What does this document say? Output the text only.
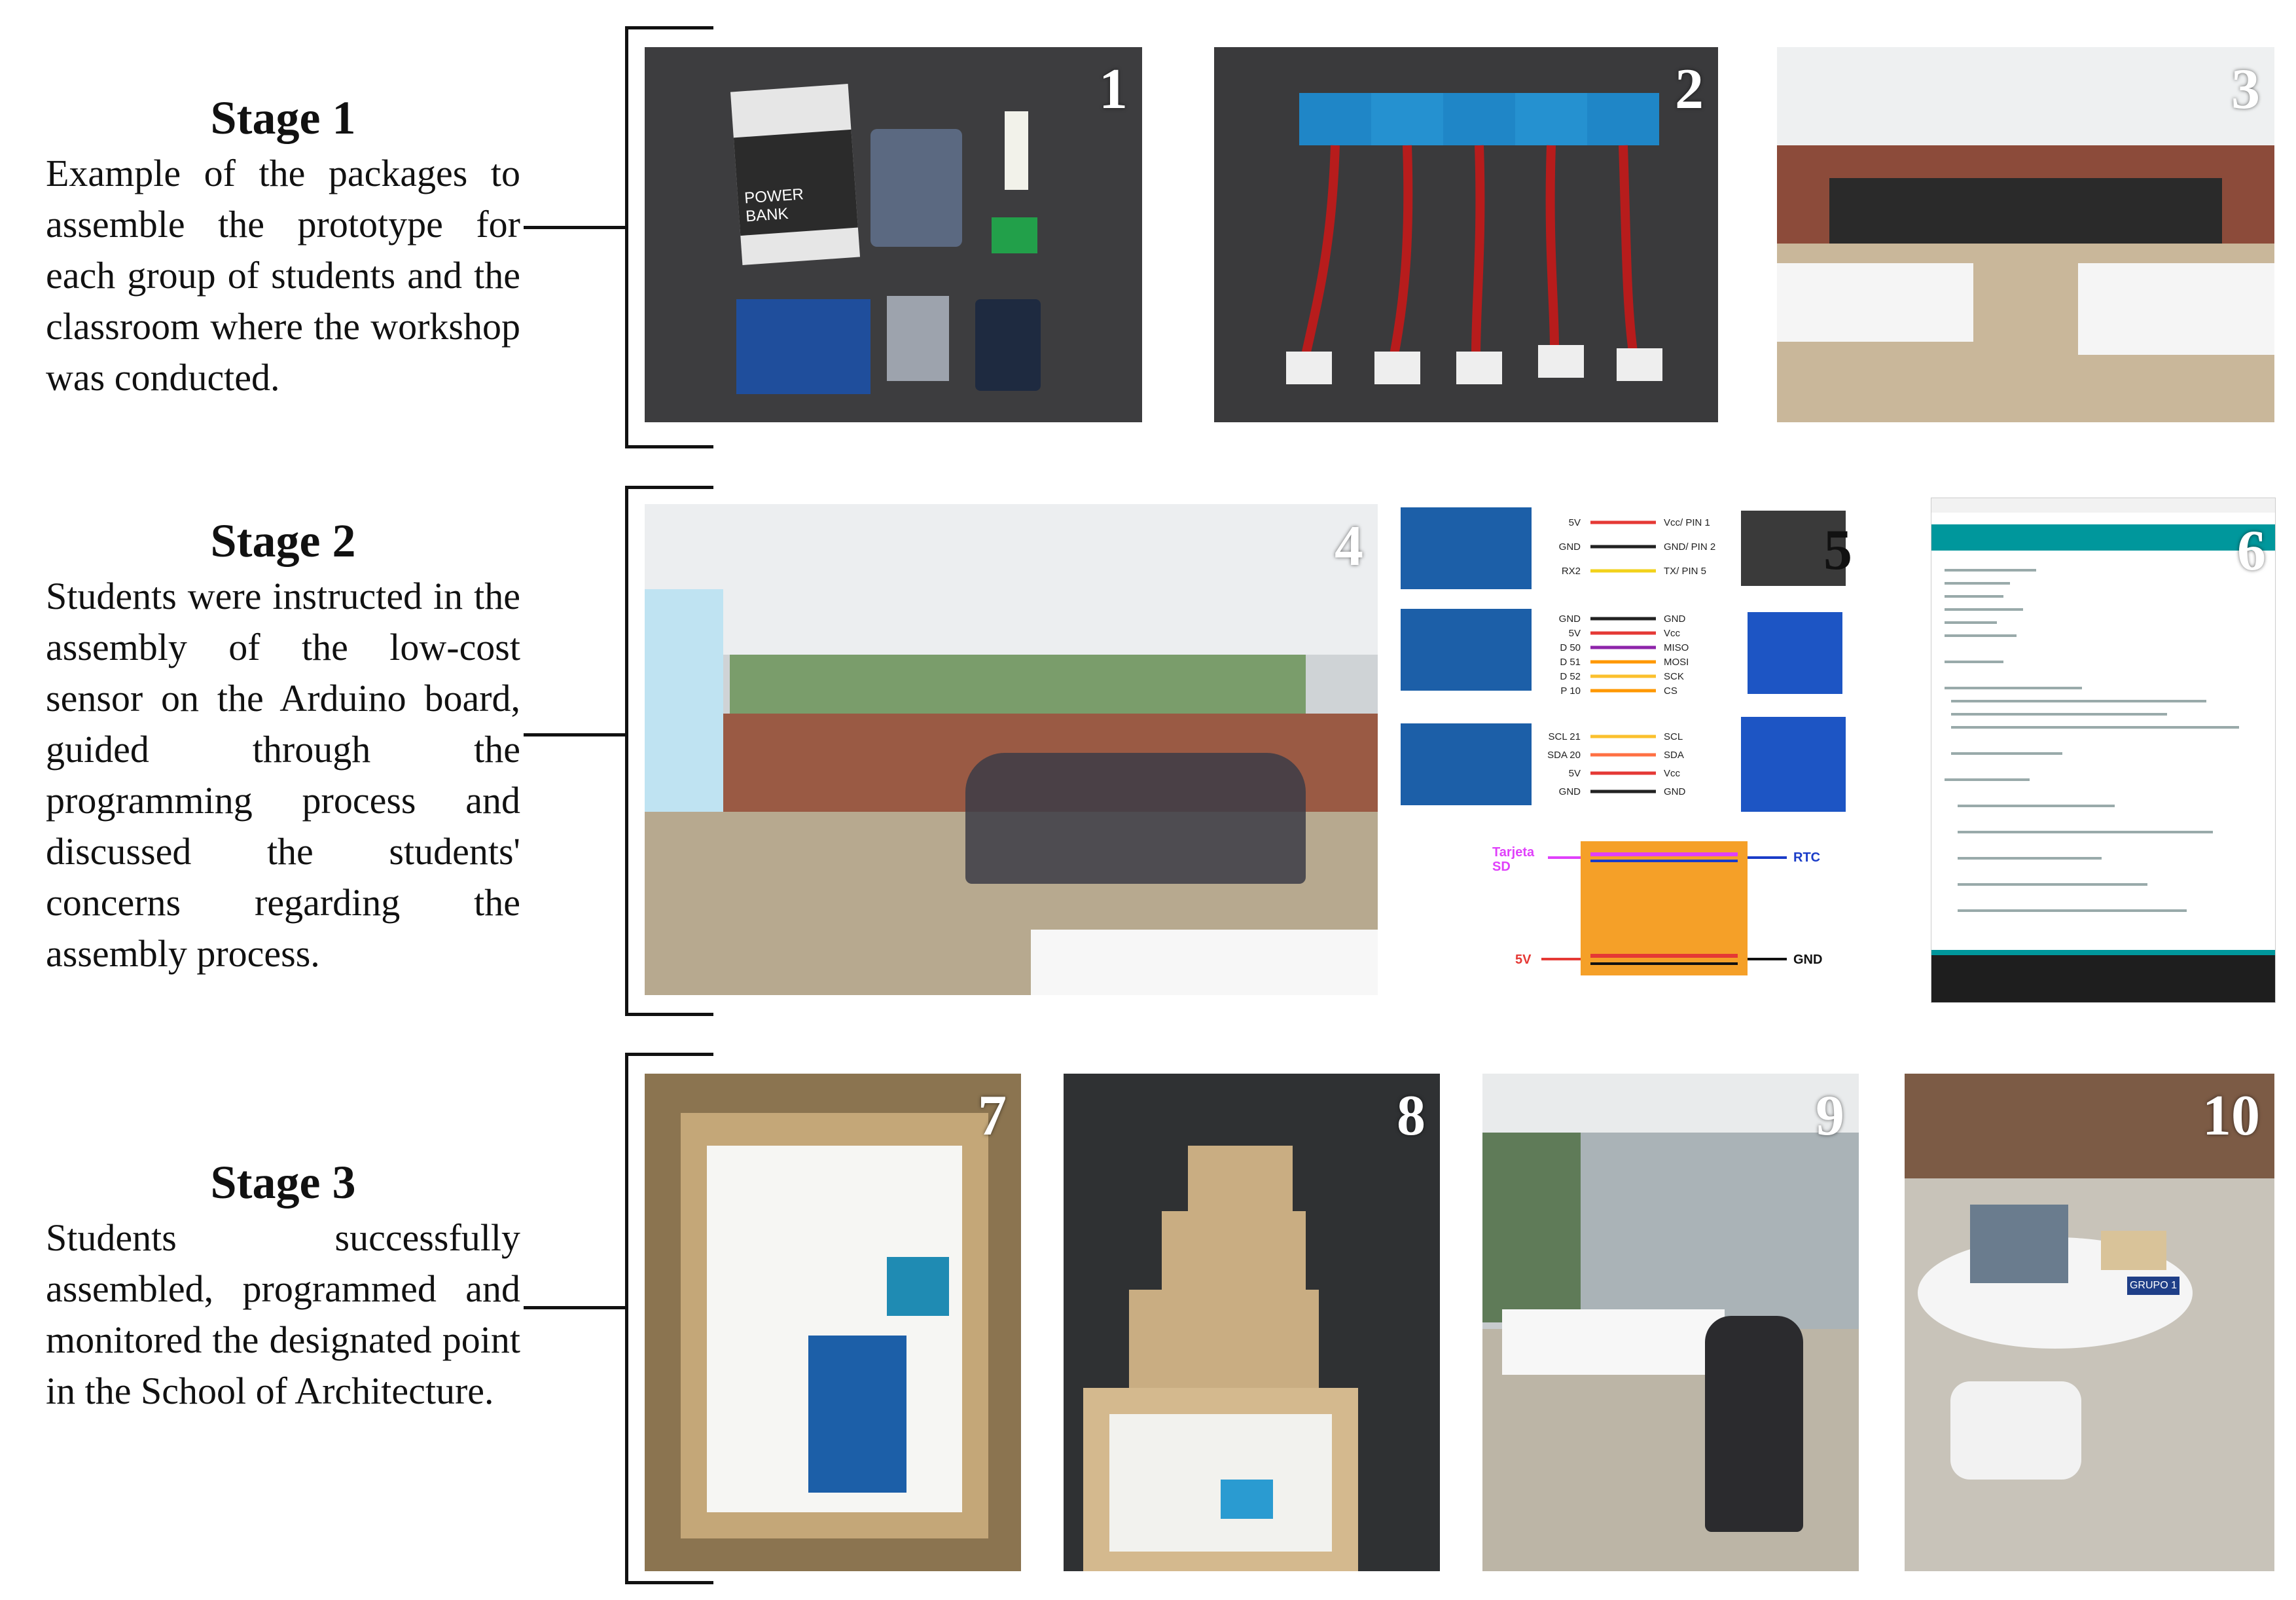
Stage 1

Example of the packages to assemble the prototype for each group of students and the classroom where the workshop was conducted.

Stage 2

Students were instructed in the assembly of the low-cost sensor on the Arduino board, guided through the programming process and discussed the students' concerns regarding the assembly process.

Stage 3

Students successfully assembled, programmed and monitored the designated point in the School of Architecture.

POWER
BANK
1	2	3
4
Tarjeta
SD
RTC
5V	GND
5V	Vcc/ PIN 1
GND	GND/ PIN 2
RX2	TX/ PIN 5
GND	GND
5V	Vcc
D 50	MISO
D 51	MOSI
D 52	SCK
P 10	CS
SCL 21	SCL
SDA 20	SDA
5V	Vcc
GND	GND
5	6
7	8	9
GRUPO 1
10
